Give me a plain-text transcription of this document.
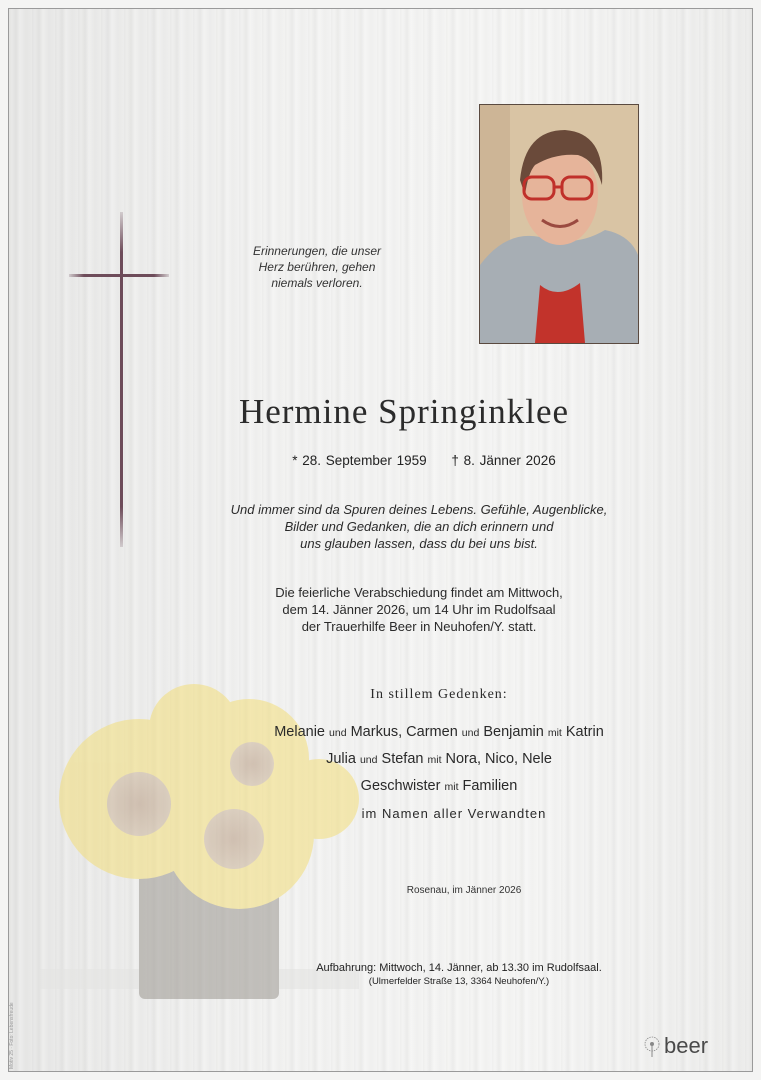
Erinnerungen, die unser
Herz berühren, gehen
niemals verloren.
Hermine Springinklee
* 28. September 1959 † 8. Jänner 2026
Und immer sind da Spuren deines Lebens. Gefühle, Augenblicke,
Bilder und Gedanken, die an dich erinnern und
uns glauben lassen, dass du bei uns bist.
Die feierliche Verabschiedung findet am Mittwoch,
dem 14. Jänner 2026, um 14 Uhr im Rudolfsaal
der Trauerhilfe Beer in Neuhofen/Y. statt.
In stillem Gedenken:
Melanie und Markus, Carmen und Benjamin mit Katrin
Julia und Stefan mit Nora, Nico, Nele
Geschwister mit Familien
im Namen aller Verwandten
Rosenau, im Jänner 2026
Aufbahrung: Mittwoch, 14. Jänner, ab 13.30 im Rudolfsaal.
(Ulmerfelder Straße 13, 3364 Neuhofen/Y.)
Motiv 25 · Foto: Lebensfreude	beer
